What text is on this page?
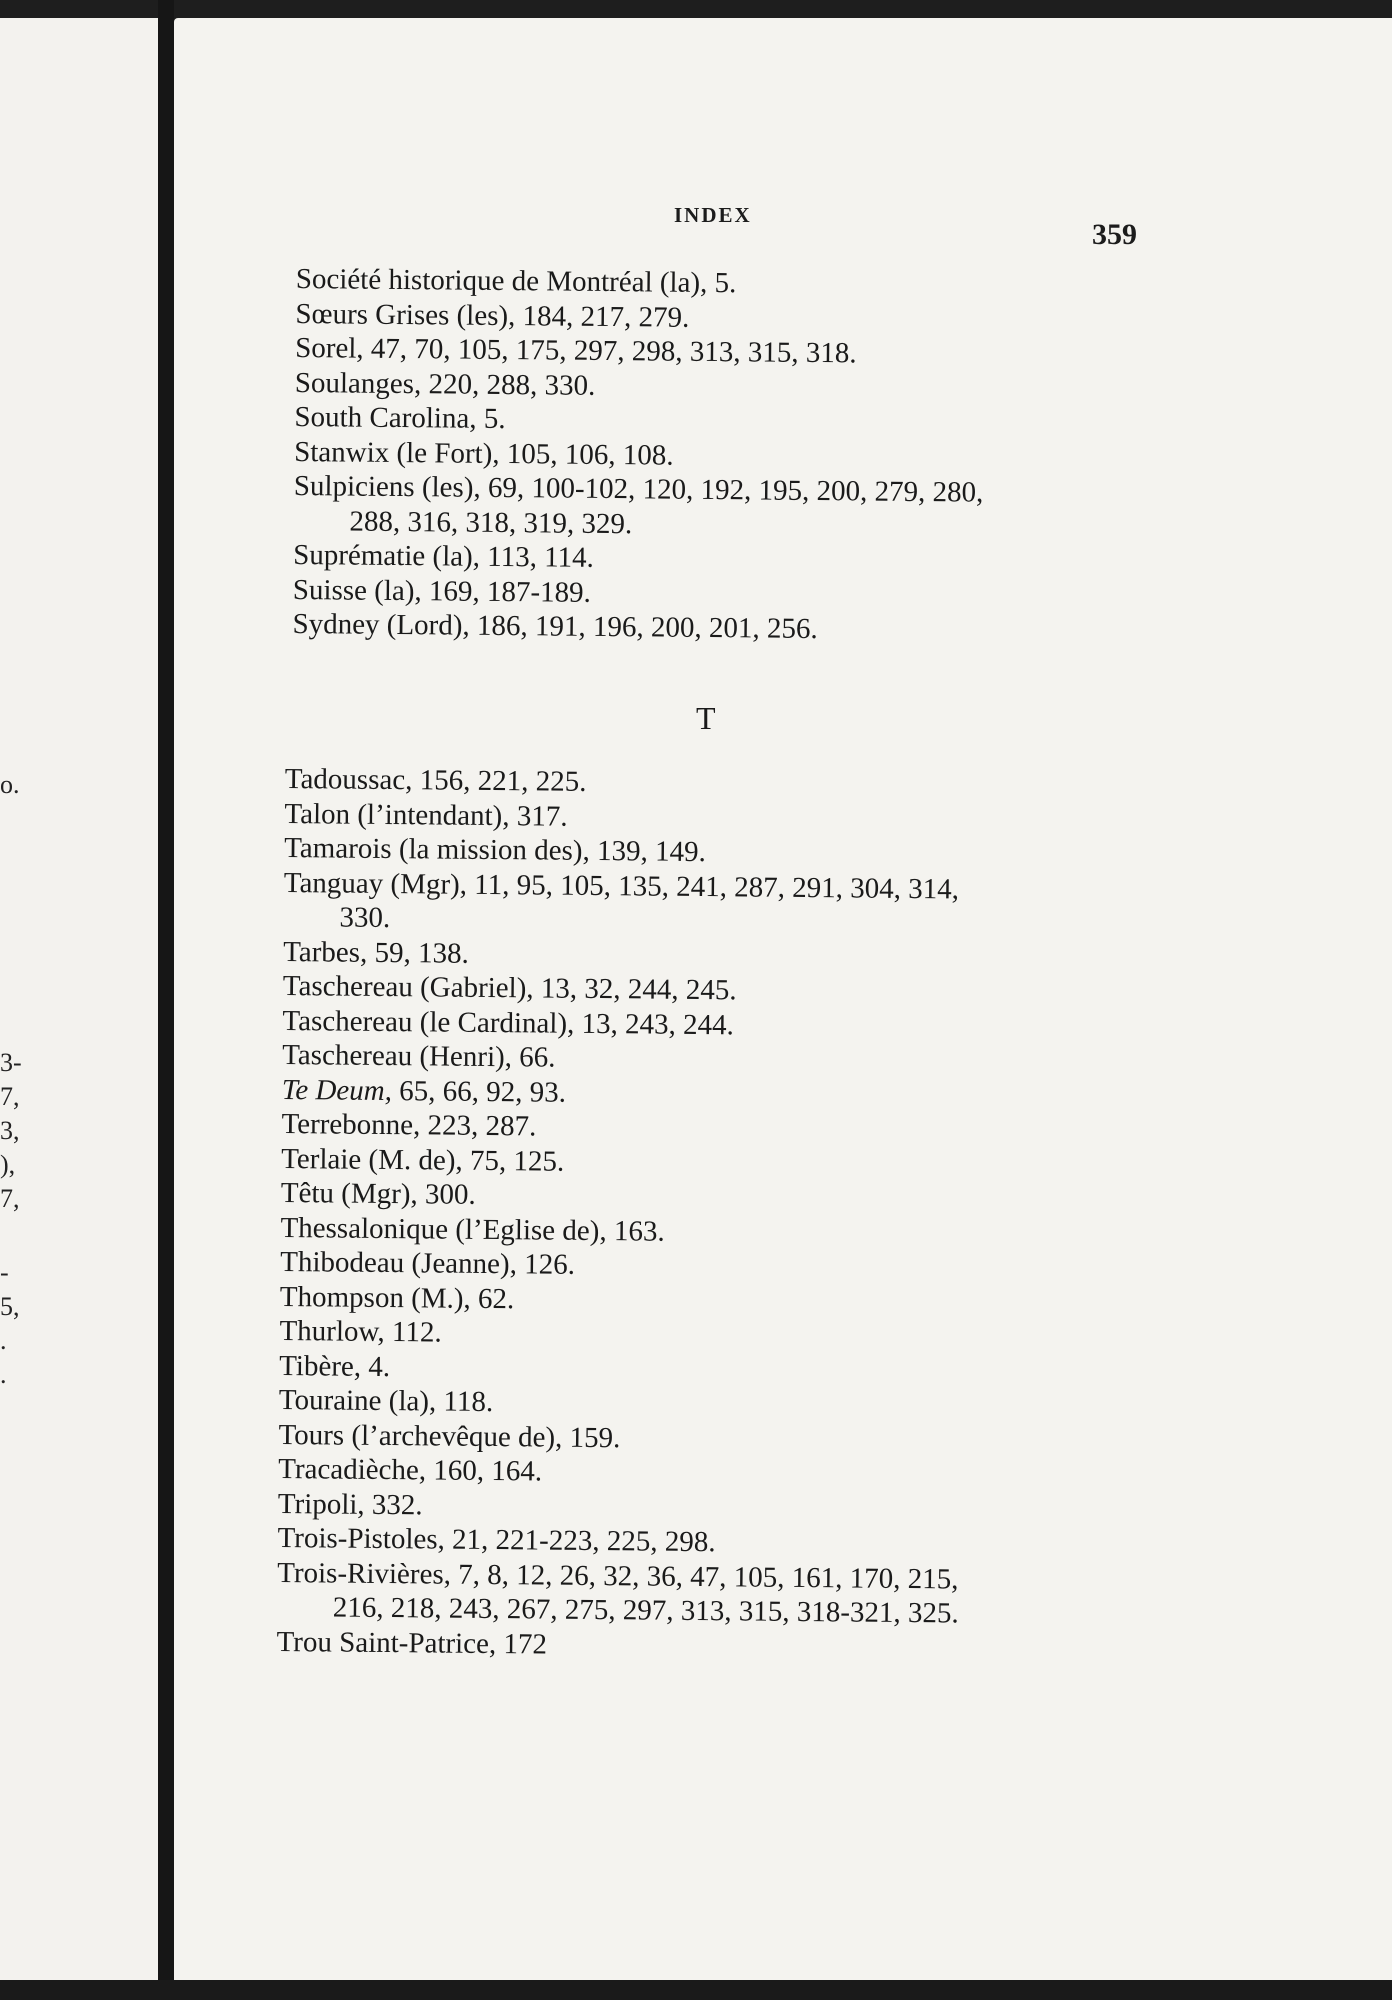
o.
3-
7,
3,
),
7,
-
5,
.
.
INDEX
359
Société historique de Montréal (la), 5.
Sœurs Grises (les), 184, 217, 279.
Sorel, 47, 70, 105, 175, 297, 298, 313, 315, 318.
Soulanges, 220, 288, 330.
South Carolina, 5.
Stanwix (le Fort), 105, 106, 108.
Sulpiciens (les), 69, 100-102, 120, 192, 195, 200, 279, 280,
288, 316, 318, 319, 329.
Suprématie (la), 113, 114.
Suisse (la), 169, 187-189.
Sydney (Lord), 186, 191, 196, 200, 201, 256.
T
Tadoussac, 156, 221, 225.
Talon (l’intendant), 317.
Tamarois (la mission des), 139, 149.
Tanguay (Mgr), 11, 95, 105, 135, 241, 287, 291, 304, 314,
330.
Tarbes, 59, 138.
Taschereau (Gabriel), 13, 32, 244, 245.
Taschereau (le Cardinal), 13, 243, 244.
Taschereau (Henri), 66.
Te Deum, 65, 66, 92, 93.
Terrebonne, 223, 287.
Terlaie (M. de), 75, 125.
Têtu (Mgr), 300.
Thessalonique (l’Eglise de), 163.
Thibodeau (Jeanne), 126.
Thompson (M.), 62.
Thurlow, 112.
Tibère, 4.
Touraine (la), 118.
Tours (l’archevêque de), 159.
Tracadièche, 160, 164.
Tripoli, 332.
Trois-Pistoles, 21, 221-223, 225, 298.
Trois-Rivières, 7, 8, 12, 26, 32, 36, 47, 105, 161, 170, 215,
216, 218, 243, 267, 275, 297, 313, 315, 318-321, 325.
Trou Saint-Patrice, 172
